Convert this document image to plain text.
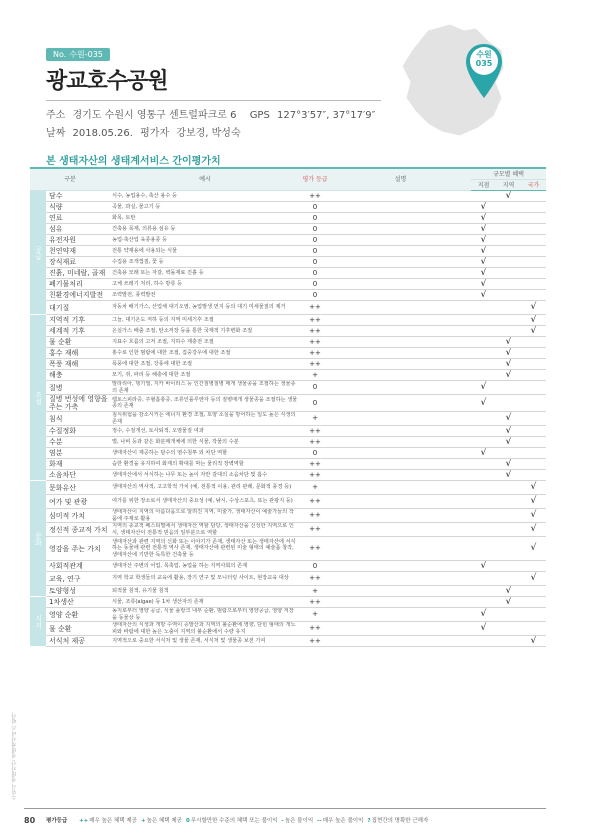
No. 수원-035
광교호수공원
주소 경기도 수원시 영통구 센트럴파크로 6 GPS 127°3′57″, 37°17′9″
날짜 2018.05.26. 평가자 강보경, 박성숙
수원
035
본 생태자산의 생태계서비스 간이평가치
구분		예시	평가 등급	설명	규모별 혜택		
					지점	지역	국가
공급	담수	식수, 농업용수, 축산 용수 등	++			√	
	식량	곡물, 과실, 물고기 등	0		√		
	연료	화목, 토탄	0		√		
	섬유	건축용 목재, 의류용 섬유 등	0		√		
	유전자원	농업·축산업 육종용종 등	0		√		
	천연약재	전통 약재용에 사용되는 식물	0		√		
	장식재료	수집용 조개껍질, 꽃 등	0		√		
	진흙, 미네랄, 골재	건축용 모래 또는 자갈, 벽돌재료 진흙 등	0		√		
	폐기물처리	고체 쓰레기 처리, 하수 방류 등	0		√		
	친환경에너지발전	조력발전, 풍력발전	0		√		
	대기질	자동차 배기가스, 산업체 대기오염, 농업발생 먼지 등의 대기 미세물질의 제거	++				√
조절	지역적 기후	그늘, 대기온도 저하 등의 지역 미세기후 조절	++				√
	세계적 기후	온실가스 배출 조절, 탄소저장 등을 통한 국제적 기후변화 조절	++				√
	물 순환	지표수 흐름의 고저 조절, 지하수 재충전 조절	++			√	
	홍수 재해	홍수로 인한 범람에 대한 조절, 집중강우에 대한 조절	++			√	
	폭풍 재해	폭풍에 대한 조절, 강풍에 대한 조절	++			√	
	해충	모기, 쥐, 파리 등 해충에 대한 조절	+			√	
	질병	말라리아, 뎅기열, 지카 바이러스 등 인간질병질병 매개 생물종을 조절하는 생물종의 존재	0		√		
	질병 번성에 영향을 주는 가축	렙토스피라증, 주혈흡충증, 조류인플루엔자 등의 질병매개 생물종을 조절하는 생물종의 존재	0		√		
	침식	침식위험을 감소시키는 에너지 환경 조절, 토양 소실을 방어하는 일도 높은 식생의 존재	+			√	
	수질정화	정수, 수질개선, 토사퇴적, 오염물질 여과	++			√	
	수분	벌, 나비 등과 같은 화분매개체에 의한 식물, 작물의 수분	++			√	
	염분	생태자산이 제공하는 담수의 염수침투 외 차단 역할	0		√		
	화재	습한 환경을 유지하여 화재의 확대를 막는 물리적 장벽역할	++			√	
	소음차단	생태자산에서 서식하는 나무 또는 높이 자란 갈대의 소음차단 및 흡수	++			√	
문화	문화유산	생태자산의 역사적, 고고학적 가치 (예, 전통적 이용, 관리 관례, 문화적 풍경 등)	+				√
	여가 및 관광	여가를 위한 장소로서 생태자산의 중요성 (예, 낚시, 수상스포츠, 또는 관광지 등)	++				√
	심미적 가치	생태자산이 지역의 아름다움으로 알려진 지역, 미술가, 생태자산이 예술가들의 작품에 주제로 활용	++				√
	정신적 종교적 가치	지역의 종교적 페스티벌에서 생태자산 역할 담당, 생태자산을 신성한 지역으로 인식, 생태자산이 전통적 믿음의 일부분으로 역할	++				√
	영감을 주는 가치	생태자산과 관련 지역의 신화 또는 이야기가 존재, 생태자산 또는 생태자산에 서식하는 동물에 관련 전통적 역사 존재, 생태자산에 관련된 미술 형태의 예술품 창작, 생태자산에 기반한 독특한 건축물 등	++				√
	사회적관계	생태자산 주변의 어업, 목축업, 농업을 하는 지역사회의 존재	0		√		
	교육, 연구	지역 학교 학생들의 교육에 활용, 장기 연구 및 모니터링 사이트, 현장교육 대상	++				√
	토양형성	퇴적물 침적, 유기물 침적	+			√	
지지	1차생산	식물, 조류(algae) 등 1차 생산자의 존재	++			√	
	영양 순환	농지로부터 영양 공급, 식물 플랑크 내부 순환, 범람으로부터 영양공급, 영양 저장을 동물상 등	+		√		
	물 순환	생태자산의 식생과 개방 수역이 증발산과 지역의 불순환에 영향, 단힌 형태의 개노피와 바람에 대한 높은 노출이 지역의 불순환에서 수량 유지	++		√		
	서식처 제공	지역적으로 중요한 서식처 및 생물 존재, 서식처 및 생물종 보전 기여	++				√
80 평가등급 ++매우 높은 혜택 제공 +높은 혜택 제공 0무시할만한 수준의 혜택 또는 불이익 -높은 불이익 --매우 높은 불이익 ?집현간의 명확한 근해자
수원시 생태자산 생태계서비스 평가
